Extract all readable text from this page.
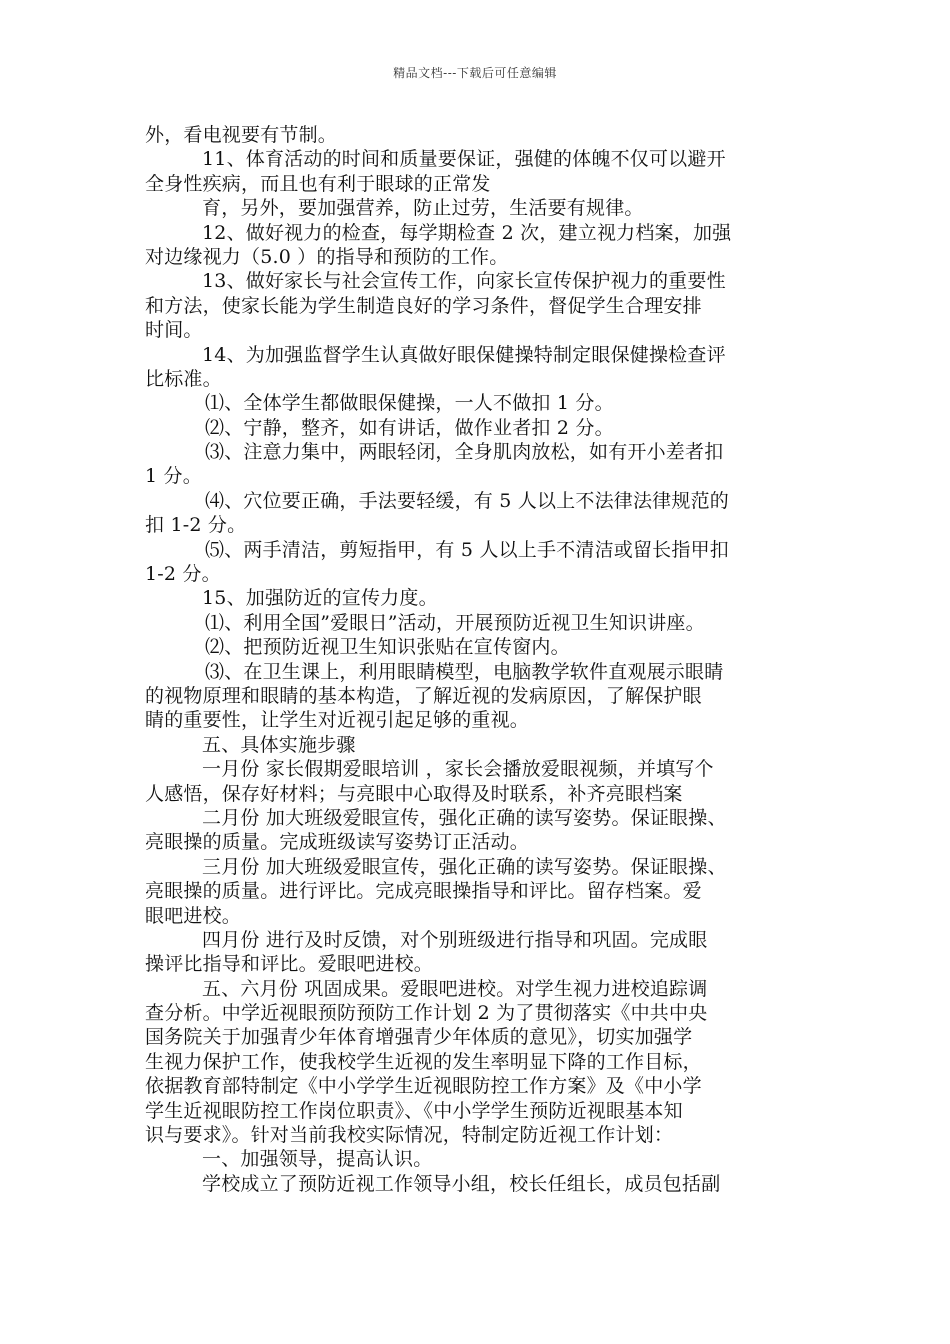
精品文档---下载后可任意编辑
外，看电视要有节制。
11、体育活动的时间和质量要保证，强健的体魄不仅可以避开
全身性疾病，而且也有利于眼球的正常发
育，另外，要加强营养，防止过劳，生活要有规律。
12、做好视力的检查，每学期检查 2 次，建立视力档案，加强
对边缘视力（5.0 ）的指导和预防的工作。
13、做好家长与社会宣传工作，向家长宣传保护视力的重要性
和方法，使家长能为学生制造良好的学习条件，督促学生合理安排
时间。
14、为加强监督学生认真做好眼保健操特制定眼保健操检查评
比标准。
⑴、全体学生都做眼保健操，一人不做扣 1 分。
⑵、宁静，整齐，如有讲话，做作业者扣 2 分。
⑶、注意力集中，两眼轻闭，全身肌肉放松，如有开小差者扣
1 分。
⑷、穴位要正确，手法要轻缓，有 5 人以上不法律法律规范的
扣 1-2 分。
⑸、两手清洁，剪短指甲，有 5 人以上手不清洁或留长指甲扣
1-2 分。
15、加强防近的宣传力度。
⑴、利用全国”爱眼日”活动，开展预防近视卫生知识讲座。
⑵、把预防近视卫生知识张贴在宣传窗内。
⑶、在卫生课上，利用眼睛模型，电脑教学软件直观展示眼睛
的视物原理和眼睛的基本构造，了解近视的发病原因，了解保护眼
睛的重要性，让学生对近视引起足够的重视。
五、具体实施步骤
一月份 家长假期爱眼培训 ，家长会播放爱眼视频，并填写个
人感悟，保存好材料；与亮眼中心取得及时联系，补齐亮眼档案
二月份 加大班级爱眼宣传，强化正确的读写姿势。保证眼操、
亮眼操的质量。完成班级读写姿势订正活动。
三月份 加大班级爱眼宣传，强化正确的读写姿势。保证眼操、
亮眼操的质量。进行评比。完成亮眼操指导和评比。留存档案。爱
眼吧进校。
四月份 进行及时反馈，对个别班级进行指导和巩固。完成眼
操评比指导和评比。爱眼吧进校。
五、六月份 巩固成果。爱眼吧进校。对学生视力进校追踪调
查分析。中学近视眼预防预防工作计划 2 为了贯彻落实《中共中央
国务院关于加强青少年体育增强青少年体质的意见》，切实加强学
生视力保护工作，使我校学生近视的发生率明显下降的工作目标，
依据教育部特制定《中小学学生近视眼防控工作方案》及《中小学
学生近视眼防控工作岗位职责》、《中小学学生预防近视眼基本知
识与要求》。针对当前我校实际情况，特制定防近视工作计划：
一、加强领导，提高认识。
学校成立了预防近视工作领导小组，校长任组长，成员包括副
